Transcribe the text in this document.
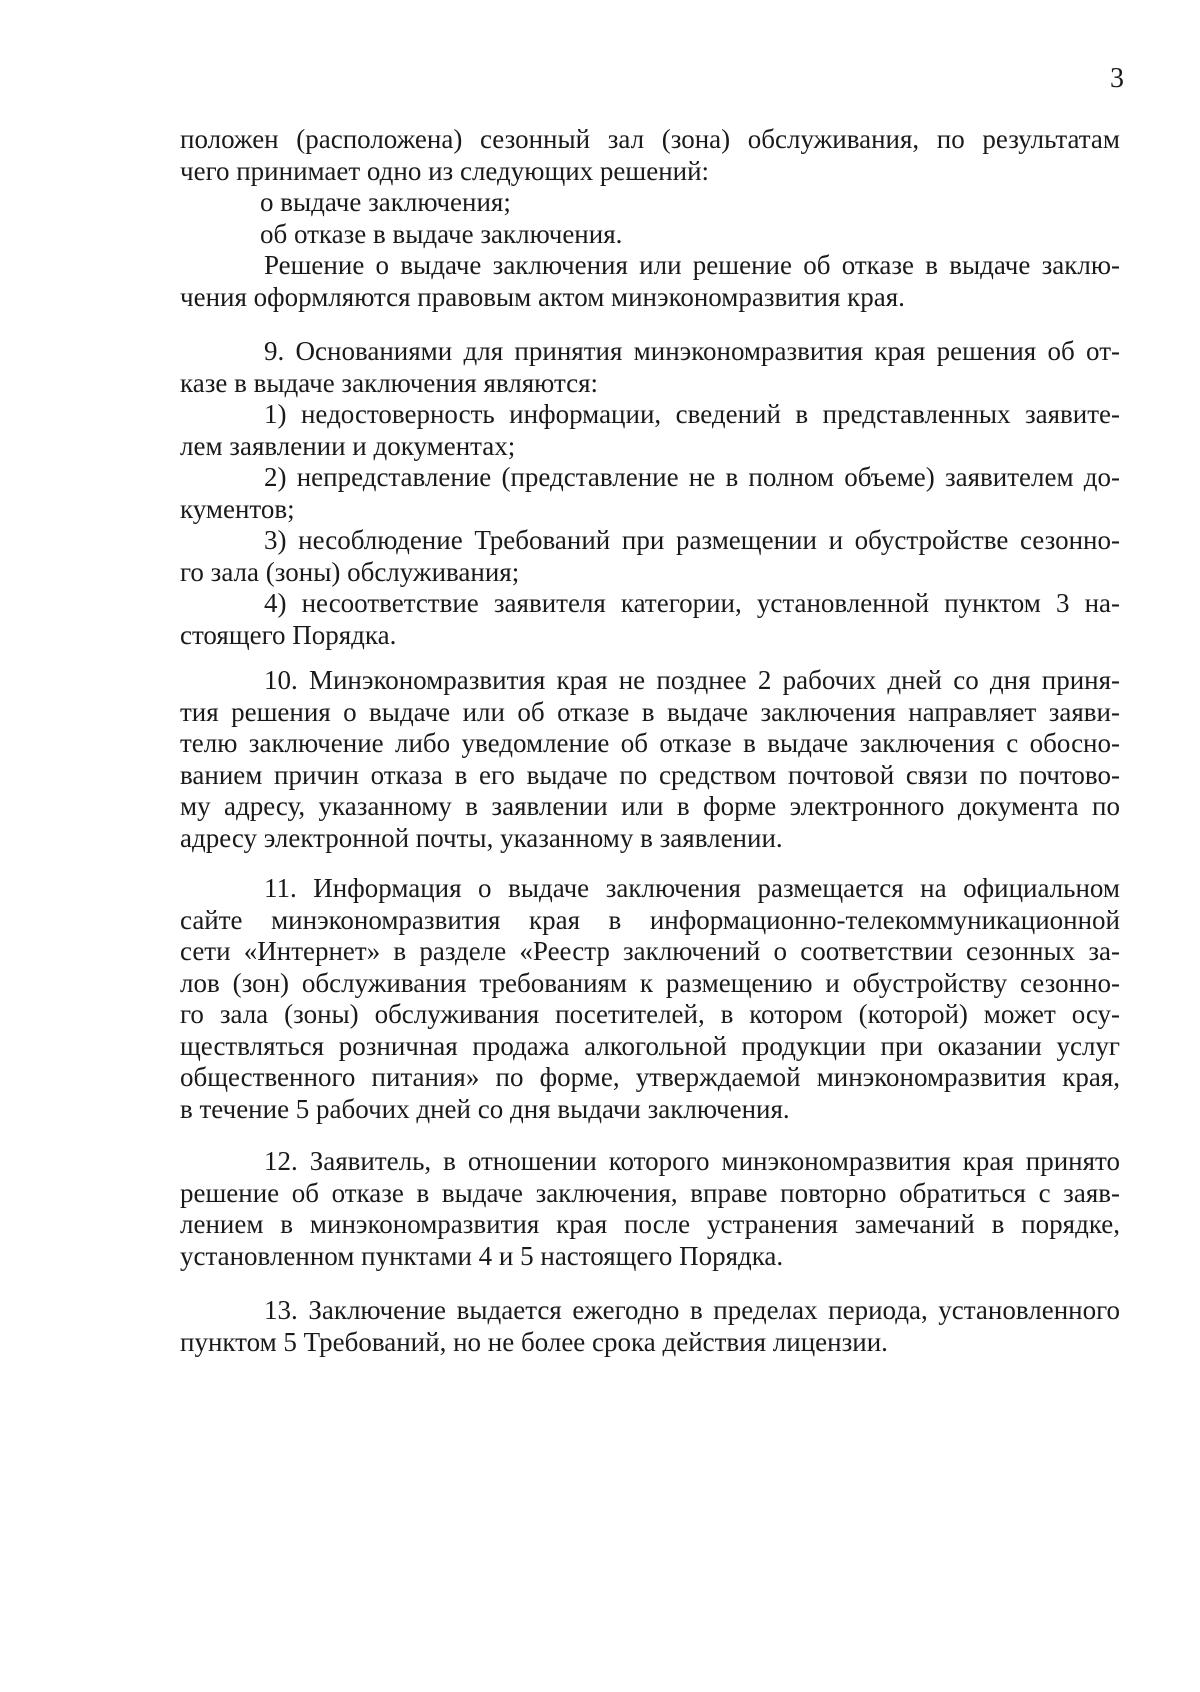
3
положен (расположена) сезонный зал (зона) обслуживания, по результатам
чего принимает одно из следующих решений:
о выдаче заключения;
об отказе в выдаче заключения.
Решение о выдаче заключения или решение об отказе в выдаче заклю-
чения оформляются правовым актом минэкономразвития края.
9. Основаниями для принятия минэкономразвития края решения об от-
казе в выдаче заключения являются:
1) недостоверность информации, сведений в представленных заявите-
лем заявлении и документах;
2) непредставление (представление не в полном объеме) заявителем до-
кументов;
3) несоблюдение Требований при размещении и обустройстве сезонно-
го зала (зоны) обслуживания;
4) несоответствие заявителя категории, установленной пунктом 3 на-
стоящего Порядка.
10. Минэкономразвития края не позднее 2 рабочих дней со дня приня-
тия решения о выдаче или об отказе в выдаче заключения направляет заяви-
телю заключение либо уведомление об отказе в выдаче заключения с обосно-
ванием причин отказа в его выдаче по средством почтовой связи по почтово-
му адресу, указанному в заявлении или в форме электронного документа по
адресу электронной почты, указанному в заявлении.
11. Информация о выдаче заключения размещается на официальном
сайте минэкономразвития края в информационно-телекоммуникационной
сети «Интернет» в разделе «Реестр заключений о соответствии сезонных за-
лов (зон) обслуживания требованиям к размещению и обустройству сезонно-
го зала (зоны) обслуживания посетителей, в котором (которой) может осу-
ществляться розничная продажа алкогольной продукции при оказании услуг
общественного питания» по форме, утверждаемой минэкономразвития края,
в течение 5 рабочих дней со дня выдачи заключения.
12. Заявитель, в отношении которого минэкономразвития края принято
решение об отказе в выдаче заключения, вправе повторно обратиться с заяв-
лением в минэкономразвития края после устранения замечаний в порядке,
установленном пунктами 4 и 5 настоящего Порядка.
13. Заключение выдается ежегодно в пределах периода, установленного
пунктом 5 Требований, но не более срока действия лицензии.
